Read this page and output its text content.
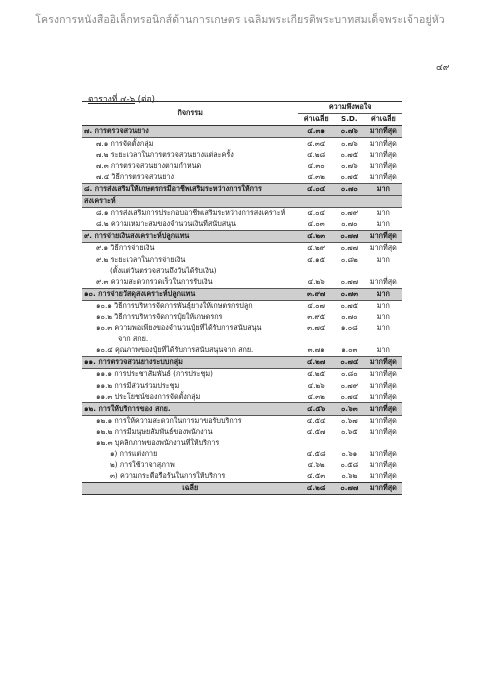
โครงการหนังสืออิเล็กทรอนิกส์ด้านการเกษตร เฉลิมพระเกียรติพระบาทสมเด็จพระเจ้าอยู่หัว
๔๙
ตารางที่ ๔-๖ (ต่อ)
กิจกรรม	ความพึงพอใจ		
	ค่าเฉลี่ย	S.D.	ค่าเฉลี่ย
๗. การตรวจสวนยาง	๔.๓๑	๐.๗๖	มากที่สุด
๗.๑ การจัดตั้งกลุ่ม	๔.๓๔	๐.๗๖	มากที่สุด
๗.๒ ระยะเวลาในการตรวจสวนยางแต่ละครั้ง	๔.๒๘	๐.๗๕	มากที่สุด
๗.๓ การตรวจสวนยางตามกำหนด	๔.๓๐	๐.๗๖	มากที่สุด
๗.๔ วิธีการตรวจสวนยาง	๔.๓๒	๐.๗๕	มากที่สุด
๘. การส่งเสริมให้เกษตรกรมีอาชีพเสริมระหว่างการให้การ	๔.๐๔	๐.๗๐	มาก
สงเคราะห์			
๘.๑ การส่งเสริมการประกอบอาชีพเสริมระหว่างการสงเคราะห์	๔.๐๔	๐.๗๙	มาก
๘.๒ ความเหมาะสมของจำนวนเงินที่สนับสนุน	๔.๐๓	๐.๗๐	มาก
๙. การจ่ายเงินสงเคราะห์ปลูกแทน	๔.๒๓	๐.๗๗	มากที่สุด
๙.๑ วิธีการจ่ายเงิน	๔.๒๙	๐.๗๗	มากที่สุด
๙.๒ ระยะเวลาในการจ่ายเงิน	๔.๑๕	๐.๘๒	มาก
(ตั้งแต่วันตรวจสวนถึงวันได้รับเงิน)			
๙.๓ ความสะดวกรวดเร็วในการรับเงิน	๔.๒๖	๐.๗๗	มากที่สุด
๑๐. การจ่ายวัสดุสงเคราะห์ปลูกแทน	๓.๙๗	๐.๗๓	มาก
๑๐.๑ วิธีการบริหารจัดการพันธุ์ยางให้เกษตรกรปลูก	๔.๐๗	๐.๗๕	มาก
๑๐.๒ วิธีการบริหารจัดการปุ๋ยให้เกษตรกร	๓.๙๕	๐.๗๐	มาก
๑๐.๓ ความพอเพียงของจำนวนปุ๋ยที่ได้รับการสนับสนุน	๓.๗๔	๑.๐๘	มาก
จาก สกย.			
๑๐.๔ คุณภาพของปุ๋ยที่ได้รับการสนับสนุนจาก สกย.	๓.๗๑	๑.๐๓	มาก
๑๑. การตรวจสวนยางระบบกลุ่ม	๔.๒๗	๐.๗๔	มากที่สุด
๑๑.๑ การประชาสัมพันธ์ (การประชุม)	๔.๒๕	๐.๘๐	มากที่สุด
๑๑.๒ การมีส่วนร่วมประชุม	๔.๒๖	๐.๗๙	มากที่สุด
๑๑.๓ ประโยชน์ของการจัดตั้งกลุ่ม	๔.๓๒	๐.๗๔	มากที่สุด
๑๒. การให้บริการของ สกย.	๔.๕๖	๐.๖๓	มากที่สุด
๑๒.๑ การให้ความสะดวกในการมาขอรับบริการ	๔.๕๔	๐.๖๗	มากที่สุด
๑๒.๒ การมีมนุษยสัมพันธ์ของพนักงาน	๔.๕๗	๐.๖๕	มากที่สุด
๑๒.๓ บุคลิกภาพของพนักงานที่ให้บริการ			
๑) การแต่งกาย	๔.๕๘	๐.๖๑	มากที่สุด
๒) การใช้วาจาสุภาพ	๔.๖๒	๐.๕๘	มากที่สุด
๓) ความกระตือรือร้นในการให้บริการ	๔.๕๓	๐.๖๒	มากที่สุด
เฉลี่ย	๔.๒๘	๐.๗๗	มากที่สุด
